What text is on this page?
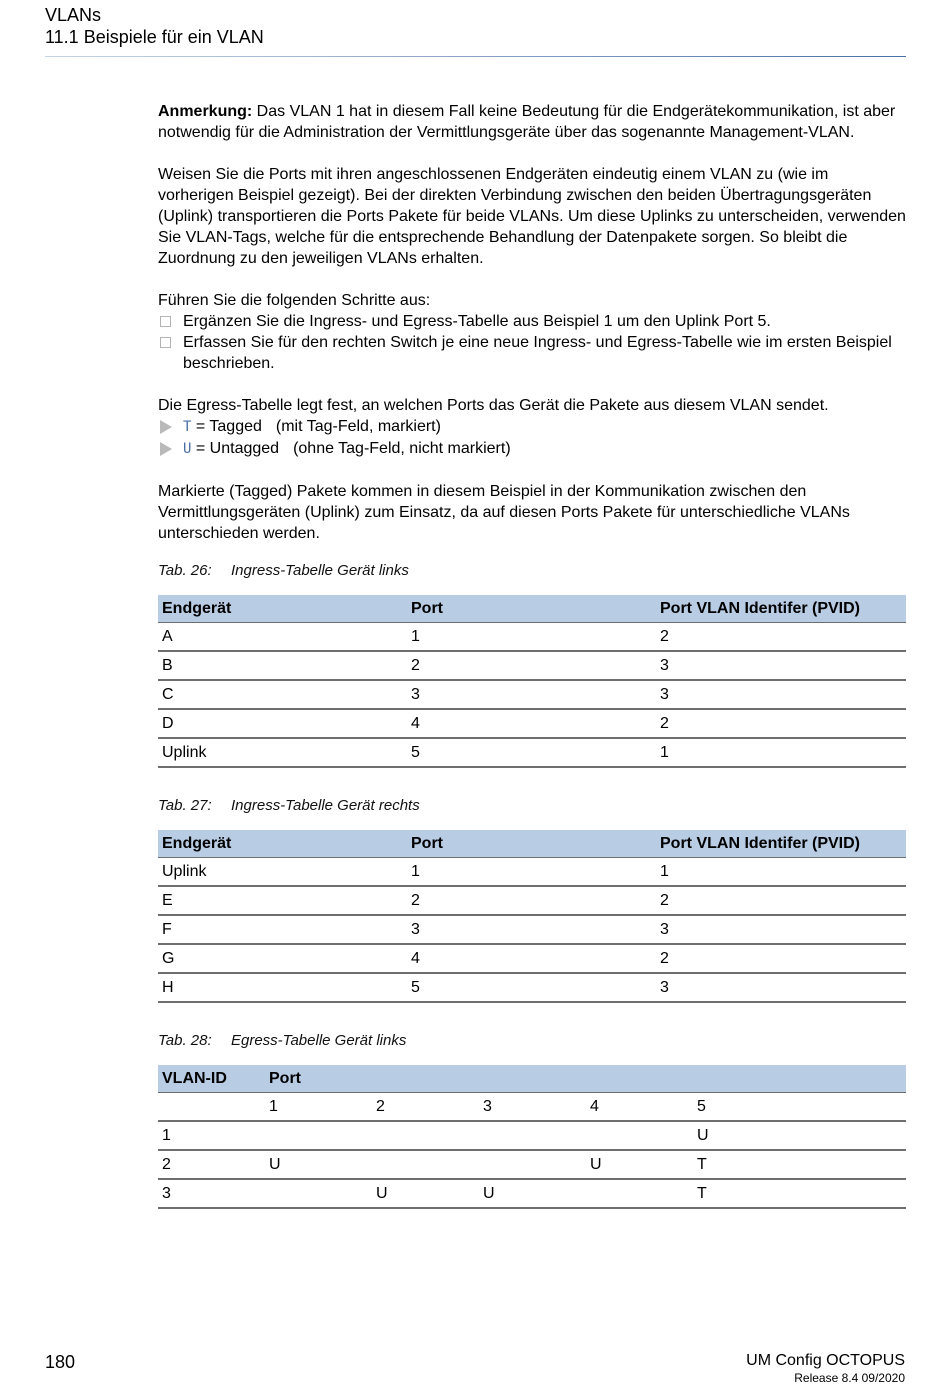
VLANs
11.1 Beispiele für ein VLAN

Anmerkung: Das VLAN 1 hat in diesem Fall keine Bedeutung für die Endgerätekommunikation, ist aber notwendig für die Administration der Vermittlungsgeräte über das sogenannte Management-VLAN.

Weisen Sie die Ports mit ihren angeschlossenen Endgeräten eindeutig einem VLAN zu (wie im vorherigen Beispiel gezeigt). Bei der direkten Verbindung zwischen den beiden Übertragungsgeräten (Uplink) transportieren die Ports Pakete für beide VLANs. Um diese Uplinks zu unterscheiden, verwenden Sie VLAN-Tags, welche für die entsprechende Behandlung der Datenpakete sorgen. So bleibt die Zuordnung zu den jeweiligen VLANs erhalten.

Führen Sie die folgenden Schritte aus:

Ergänzen Sie die Ingress- und Egress-Tabelle aus Beispiel 1 um den Uplink Port 5.
Erfassen Sie für den rechten Switch je eine neue Ingress- und Egress-Tabelle wie im ersten Beispiel beschrieben.

Die Egress-Tabelle legt fest, an welchen Ports das Gerät die Pakete aus diesem VLAN sendet.

T = Tagged (mit Tag-Feld, markiert)
U = Untagged (ohne Tag-Feld, nicht markiert)

Markierte (Tagged) Pakete kommen in diesem Beispiel in der Kommunikation zwischen den Vermittlungsgeräten (Uplink) zum Einsatz, da auf diesen Ports Pakete für unterschiedliche VLANs unterschieden werden.

Tab. 26: Ingress-Tabelle Gerät links
Endgerät	Port	Port VLAN Identifer (PVID)
A	1	2
B	2	3
C	3	3
D	4	2
Uplink	5	1
Tab. 27: Ingress-Tabelle Gerät rechts
Endgerät	Port	Port VLAN Identifer (PVID)
Uplink	1	1
E	2	2
F	3	3
G	4	2
H	5	3
Tab. 28: Egress-Tabelle Gerät links
VLAN-ID	Port				
	1	2	3	4	5
1					U
2	U			U	T
3		U	U		T
180	UM Config OCTOPUS
Release 8.4 09/2020
